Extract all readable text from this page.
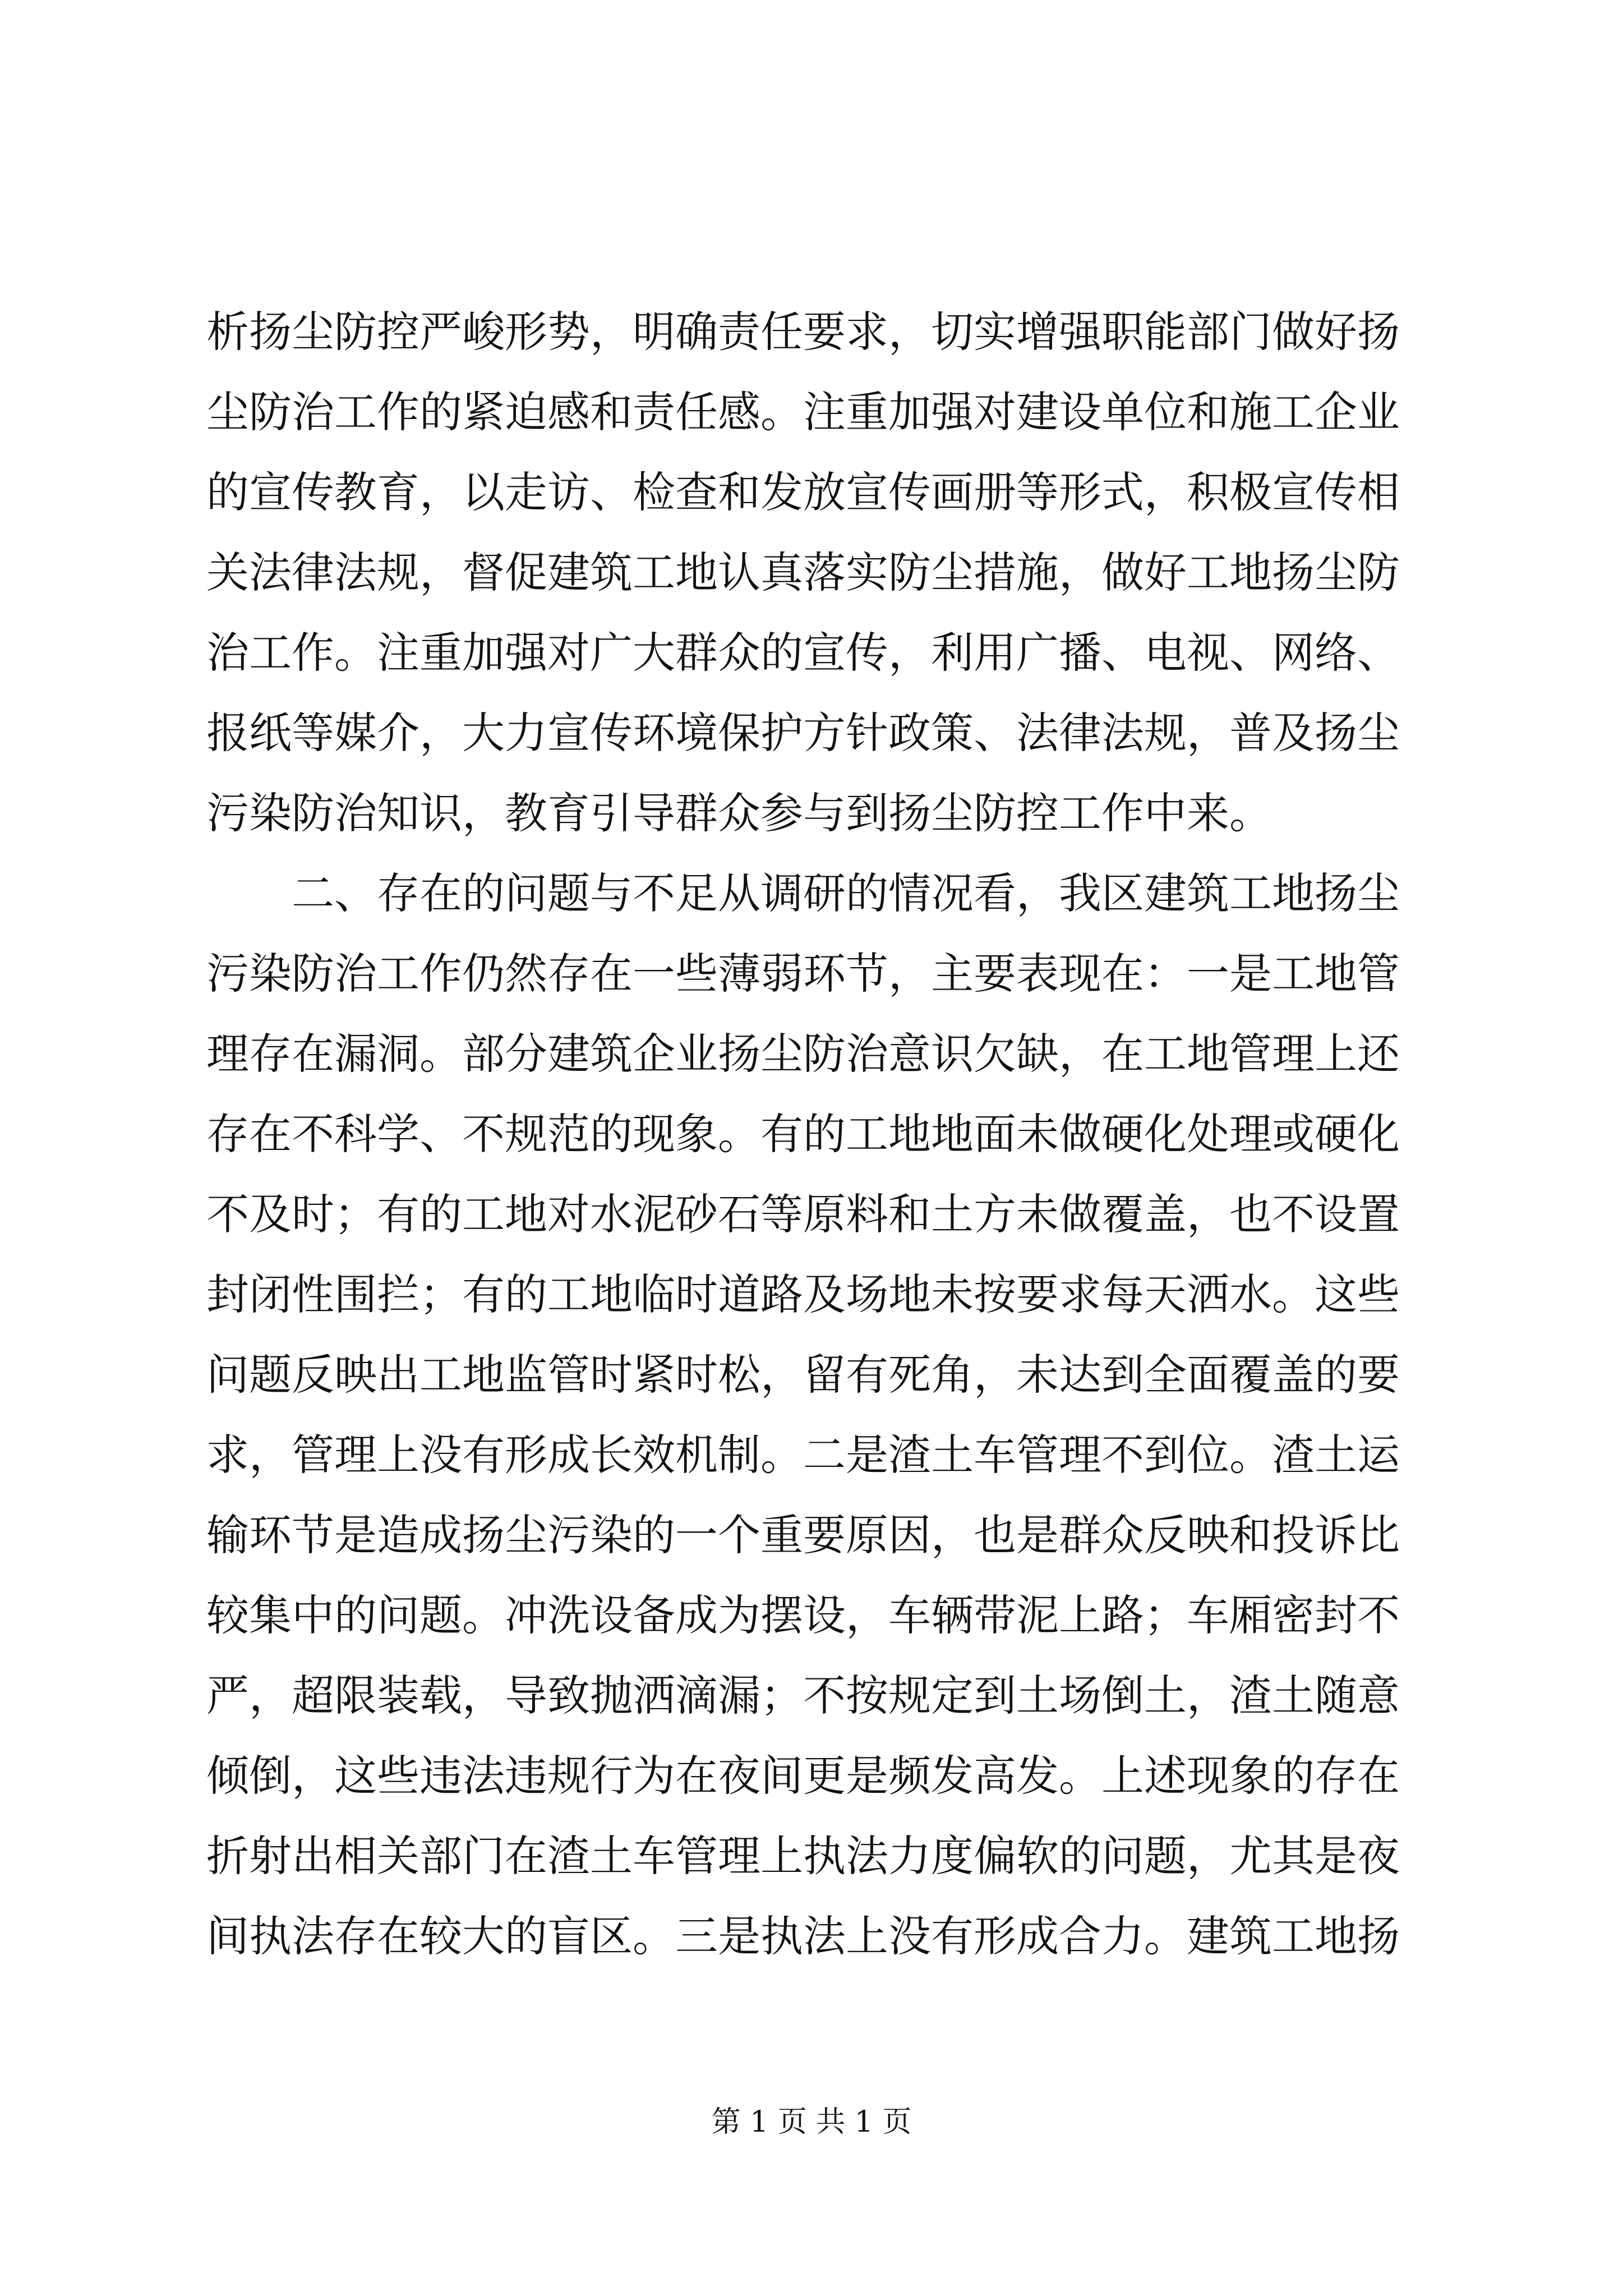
析扬尘防控严峻形势，明确责任要求，切实增强职能部门做好扬
尘防治工作的紧迫感和责任感。注重加强对建设单位和施工企业
的宣传教育，以走访、检查和发放宣传画册等形式，积极宣传相
关法律法规，督促建筑工地认真落实防尘措施，做好工地扬尘防
治工作。注重加强对广大群众的宣传，利用广播、电视、网络、
报纸等媒介，大力宣传环境保护方针政策、法律法规，普及扬尘
污染防治知识，教育引导群众参与到扬尘防控工作中来。
　　二、存在的问题与不足从调研的情况看，我区建筑工地扬尘
污染防治工作仍然存在一些薄弱环节，主要表现在：一是工地管
理存在漏洞。部分建筑企业扬尘防治意识欠缺，在工地管理上还
存在不科学、不规范的现象。有的工地地面未做硬化处理或硬化
不及时；有的工地对水泥砂石等原料和土方未做覆盖，也不设置
封闭性围拦；有的工地临时道路及场地未按要求每天洒水。这些
问题反映出工地监管时紧时松，留有死角，未达到全面覆盖的要
求，管理上没有形成长效机制。二是渣土车管理不到位。渣土运
输环节是造成扬尘污染的一个重要原因，也是群众反映和投诉比
较集中的问题。冲洗设备成为摆设，车辆带泥上路；车厢密封不
严，超限装载，导致抛洒滴漏；不按规定到土场倒土，渣土随意
倾倒，这些违法违规行为在夜间更是频发高发。上述现象的存在
折射出相关部门在渣土车管理上执法力度偏软的问题，尤其是夜
间执法存在较大的盲区。三是执法上没有形成合力。建筑工地扬
第 1 页 共 1 页
